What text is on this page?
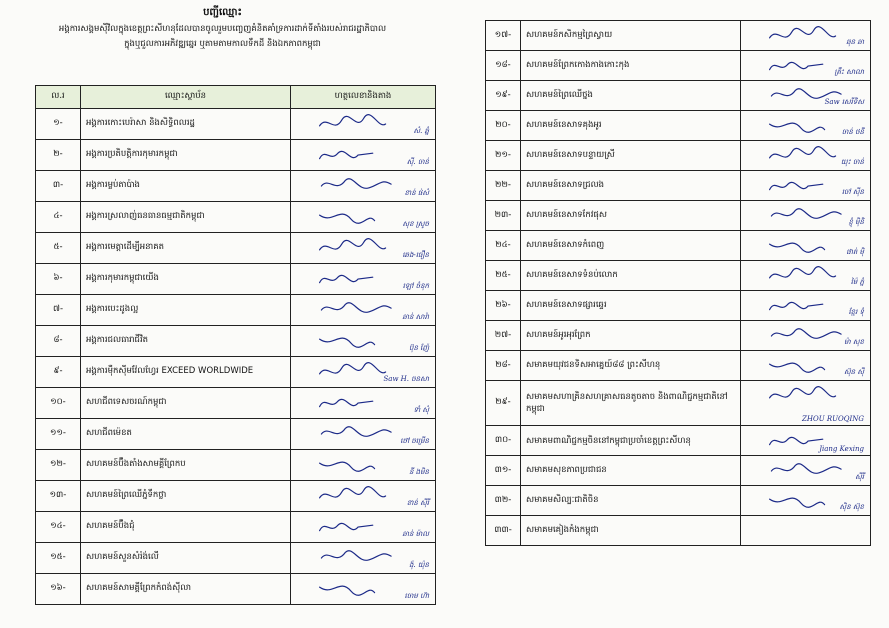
បញ្ជីឈ្មោះ
អង្គការសង្គមស៊ីវិលក្នុងខេត្តព្រះសីហនុដែលបានចូលរួមបញ្ចេញគំនិតគាំទ្រការដាក់ទីតាំងរបស់រាជរដ្ឋាភិបាល
ក្នុងឬជួលការអភិវឌ្ឍឆ្នេរ ឬតាមតាមកាលទឹកដី និងឯកភាពកម្ពុជា
ល.រ	ឈ្មោះស្ថាប័ន	ហត្ថលេខានិងតាង
១-	អង្គការកោះបេរ៉ាសា និងសិទ្ធិពលរដ្ឋ	សំ. ឆ្នំ

២-	អង្គការប្រតិបត្តិការកុមារកម្ពុជា	ស៊ី. ចាន់

៣-	អង្គការម្លប់តាប៉ាង	ខាន់ ផ់សំ

៤-	អង្គការស្រលាញ់ធនធានធម្មជាតិកម្ពុជា	សុខ ស្រូច

៥-	អង្គការមេត្តាដើម្បីអនាគត	ឆេង-ធឿន

៦-	អង្គការកុមារកម្ពុជាយើង	ឡៅ ចំនុក

៧-	អង្គការបេះដូងល្អ	ឆាន់ សារ៉ា

៨-	អង្គការជលធារាជីវិត	ប៊ុន ញ៉ែ

៩-	អង្គការម៉ឺកស៊ីមវ៉ែលហ្វែរ EXCEED WORLDWIDE	Saw H. ចនសា

១០-	សហជីពទេសចរណ៍កម្ពុជា	ទាំ សុំ

១១-	សហជីពម៉េខត	ថៅ ចម្រើន

១២-	សហគមន៍ប៊ឹងតាំងសាមគ្គីព្រែកប	នី ងមិន

១៣-	សហគមន៍ព្រៃឈើភ្នំទឹកថ្លា	ខាន់ ស៊ីរី

១៤-	សហគមន៍ប៊ឹងជុំ	ឆាន់ ម៉ាល

១៥-	សហគមន៍សួនសំរ៉ង់លើ	ង៉ុ. យ៉ុន

១៦-	សហគមន៍សាមគ្គីព្រែកកំពង់ស៊ីលា	ចោម ហ៊ា
១៧-	សហគមន៍កសិកម្មព្រៃស្វាយ	ឆុន ឆា

១៨-	សហគមន៍ព្រែកកោងកាងកោះកុង	គ្រឹះ សាលា

១៩-	សហគមន៍ព្រៃឈើថ្នង	Saw សេរីទិស

២០-	សហគមន៍នេសាទគុងអូរ	ចាន់ ថនី

២១-	សហគមន៍នេសាទបន្ទាយស្រី	យុះ ចាន់

២២-	សហគមន៍នេសាទជ្រលង	ចៅ ស៊ីន

២៣-	សហគមន៍នេសាទកែវផុស	ខ្ញុំ ម៉ិនិ

២៤-	សហគមន៍នេសាទកំពេញ	ផាត់ ម៉ិ

២៥-	សហគមន៍នេសាទទំនប់លោក	ម៉ៃ ភ្នំ

២៦-	សហគមន៍នេសាទផ្សារឆ្ទេរ	ខ្មែរ ទុំ

២៧-	សហគមន៍អូរអុរព្រែក	ម៉ា សុខ

២៨-	សមាគមយុវជនទិសអាគ្នេយ៍៨៨ ព្រះសីហនុ	ស៊ុន ស៊ី

២៩-	សមាគមសហាគ្រិនសហគ្រាសធនតូចតាច និងពាណិជ្ជកម្មជាតិនៅកម្ពុជា	ZHOU RUOQING

៣០-	សមាគមពាណិជ្ជកម្មចិននៅកម្ពុជាប្រចាំខេត្តព្រះសីហនុ	Jiang Kexing

៣១-	សមាគមសុខភាពប្រជាជន	ស៊ីរី

៣២-	សមាគមសិល្បៈជាតិចិន	ស៊ិន ស៊ុខ

៣៣-	សមាគមគៀងកំងកម្ពុជា	
